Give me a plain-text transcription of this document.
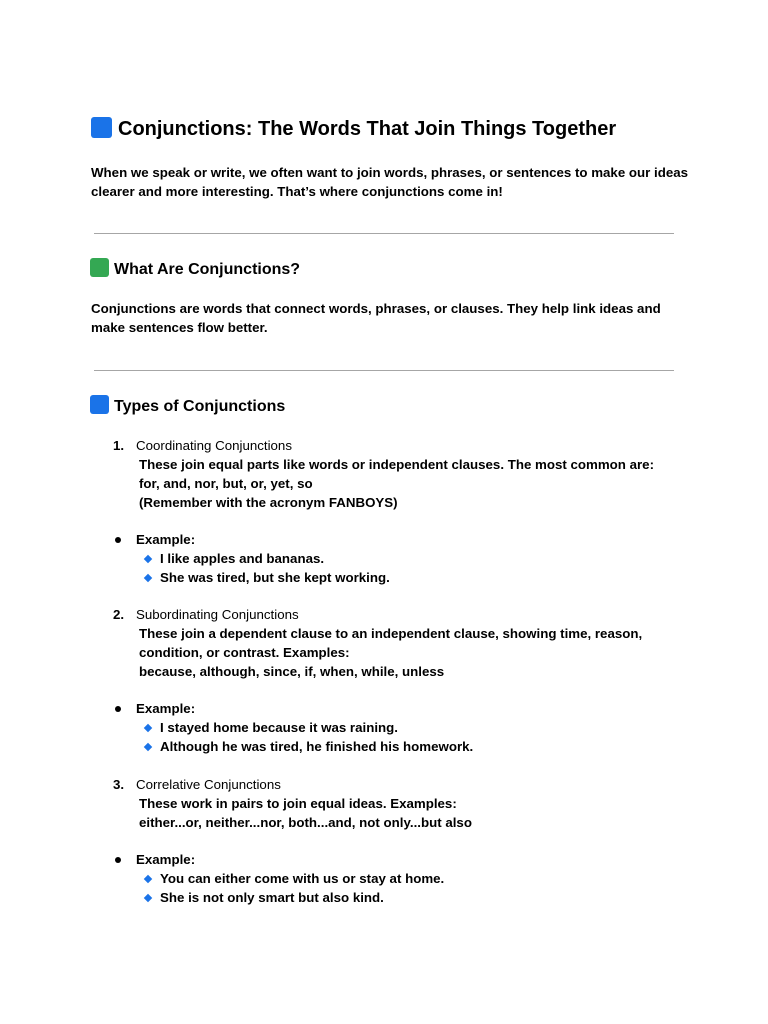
Conjunctions: The Words That Join Things Together

When we speak or write, we often want to join words, phrases, or sentences to make our ideas clearer and more interesting. That’s where conjunctions come in!

What Are Conjunctions?

Conjunctions are words that connect words, phrases, or clauses. They help link ideas and make sentences flow better.

Types of Conjunctions
1. Coordinating Conjunctions
These join equal parts like words or independent clauses. The most common are:
for, and, nor, but, or, yet, so
(Remember with the acronym FANBOYS)
Example:
I like apples and bananas.
She was tired, but she kept working.
2. Subordinating Conjunctions
These join a dependent clause to an independent clause, showing time, reason,
condition, or contrast. Examples:
because, although, since, if, when, while, unless
Example:
I stayed home because it was raining.
Although he was tired, he finished his homework.
3. Correlative Conjunctions
These work in pairs to join equal ideas. Examples:
either...or, neither...nor, both...and, not only...but also
Example:
You can either come with us or stay at home.
She is not only smart but also kind.
